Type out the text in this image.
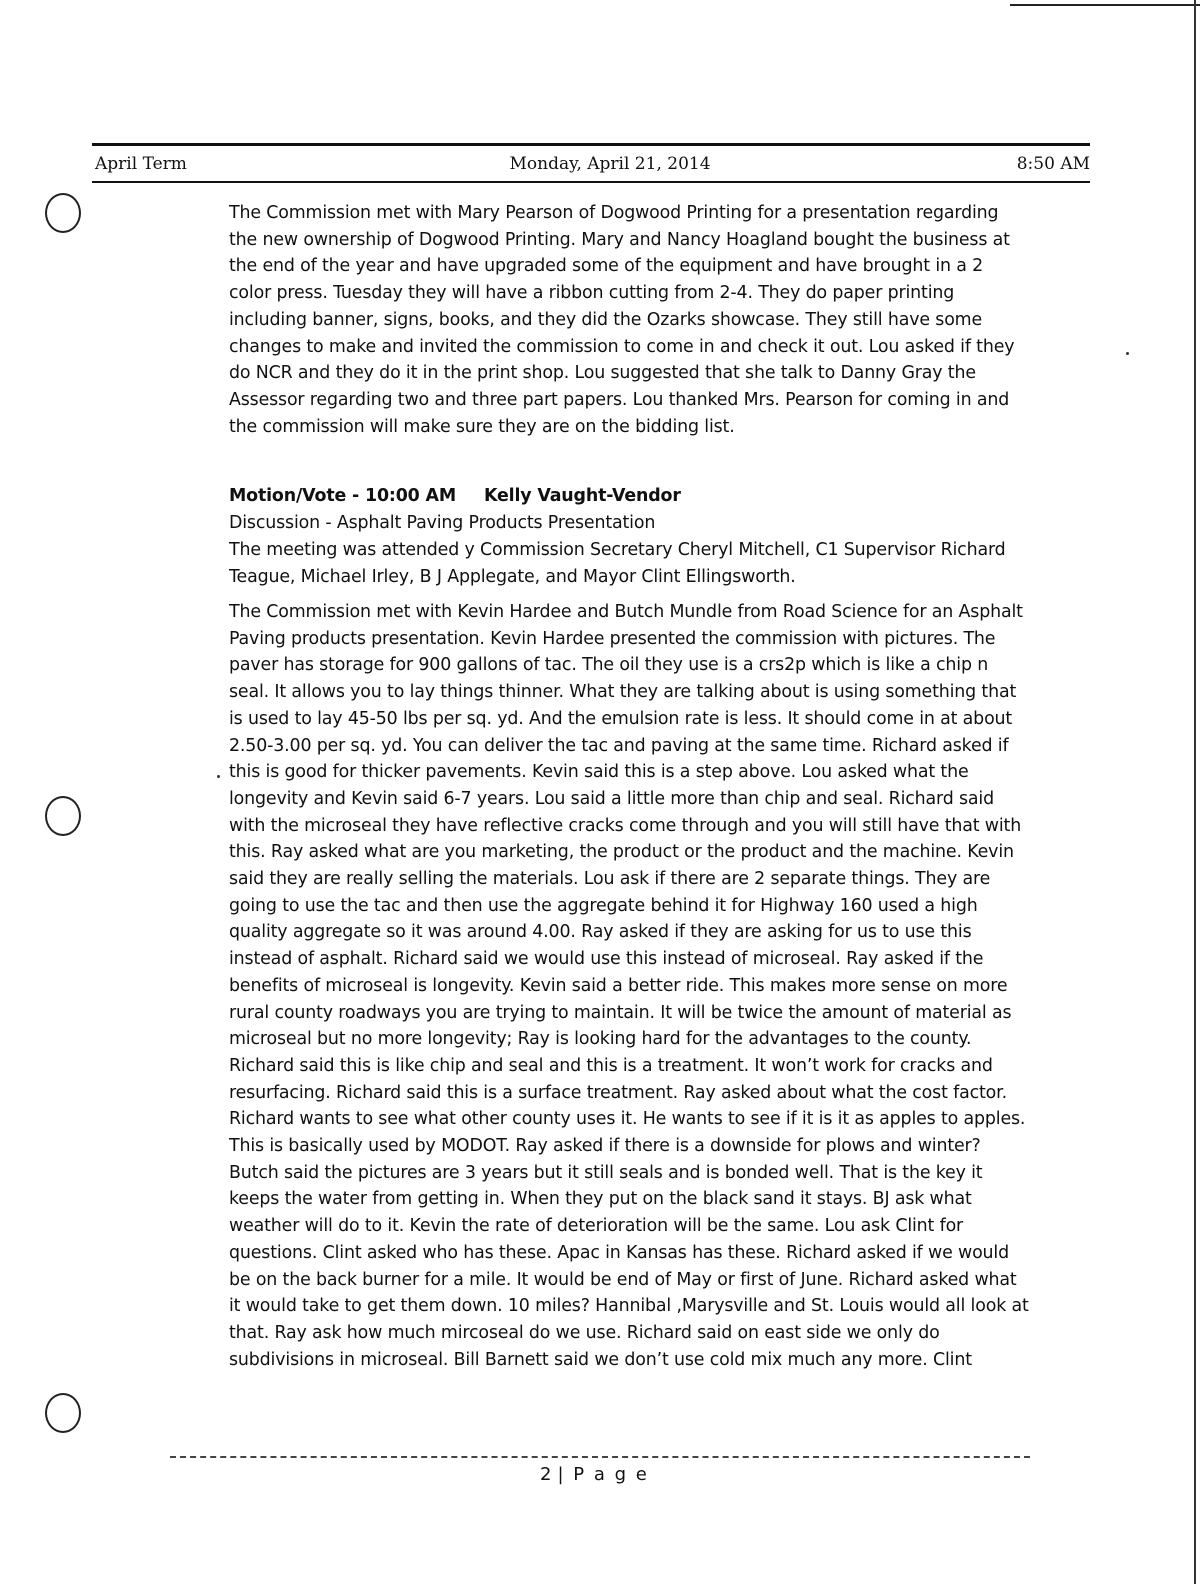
April Term	Monday, April 21, 2014	8:50 AM

The Commission met with Mary Pearson of Dogwood Printing for a presentation regarding the new ownership of Dogwood Printing. Mary and Nancy Hoagland bought the business at the end of the year and have upgraded some of the equipment and have brought in a 2 color press. Tuesday they will have a ribbon cutting from 2-4. They do paper printing including banner, signs, books, and they did the Ozarks showcase. They still have some changes to make and invited the commission to come in and check it out. Lou asked if they do NCR and they do it in the print shop. Lou suggested that she talk to Danny Gray the Assessor regarding two and three part papers. Lou thanked Mrs. Pearson for coming in and the commission will make sure they are on the bidding list.

Motion/Vote - 10:00 AM Kelly Vaught-Vendor
Discussion - Asphalt Paving Products Presentation
The meeting was attended y Commission Secretary Cheryl Mitchell, C1 Supervisor Richard Teague, Michael Irley, B J Applegate, and Mayor Clint Ellingsworth.

The Commission met with Kevin Hardee and Butch Mundle from Road Science for an Asphalt Paving products presentation. Kevin Hardee presented the commission with pictures. The paver has storage for 900 gallons of tac. The oil they use is a crs2p which is like a chip n seal. It allows you to lay things thinner. What they are talking about is using something that is used to lay 45-50 lbs per sq. yd. And the emulsion rate is less. It should come in at about 2.50-3.00 per sq. yd. You can deliver the tac and paving at the same time. Richard asked if this is good for thicker pavements. Kevin said this is a step above. Lou asked what the longevity and Kevin said 6-7 years. Lou said a little more than chip and seal. Richard said with the microseal they have reflective cracks come through and you will still have that with this. Ray asked what are you marketing, the product or the product and the machine. Kevin said they are really selling the materials. Lou ask if there are 2 separate things. They are going to use the tac and then use the aggregate behind it for Highway 160 used a high quality aggregate so it was around 4.00. Ray asked if they are asking for us to use this instead of asphalt. Richard said we would use this instead of microseal. Ray asked if the benefits of microseal is longevity. Kevin said a better ride. This makes more sense on more rural county roadways you are trying to maintain. It will be twice the amount of material as microseal but no more longevity; Ray is looking hard for the advantages to the county. Richard said this is like chip and seal and this is a treatment. It won’t work for cracks and resurfacing. Richard said this is a surface treatment. Ray asked about what the cost factor. Richard wants to see what other county uses it. He wants to see if it is it as apples to apples. This is basically used by MODOT. Ray asked if there is a downside for plows and winter? Butch said the pictures are 3 years but it still seals and is bonded well. That is the key it keeps the water from getting in. When they put on the black sand it stays. BJ ask what weather will do to it. Kevin the rate of deterioration will be the same. Lou ask Clint for questions. Clint asked who has these. Apac in Kansas has these. Richard asked if we would be on the back burner for a mile. It would be end of May or first of June. Richard asked what it would take to get them down. 10 miles? Hannibal ,Marysville and St. Louis would all look at that. Ray ask how much mircoseal do we use. Richard said on east side we only do subdivisions in microseal. Bill Barnett said we don’t use cold mix much any more. Clint

2 | P a g e
